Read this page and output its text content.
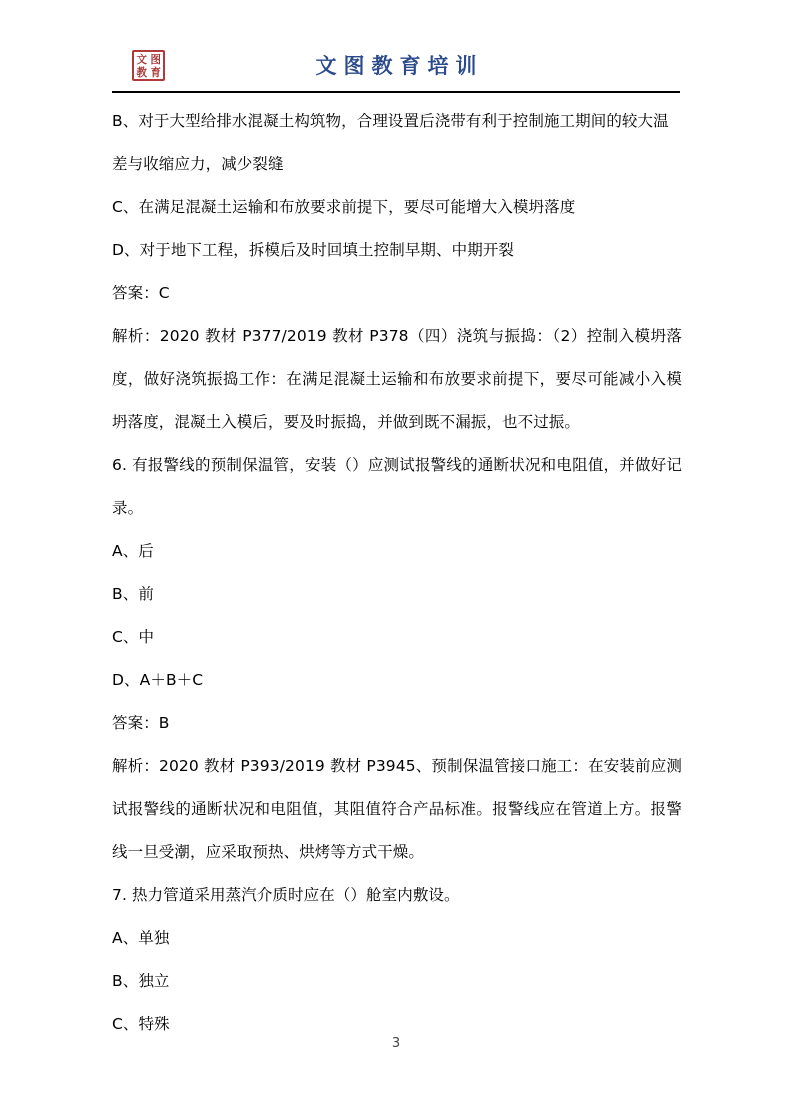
文 图
教 育	文图教育培训

B、对于大型给排水混凝土构筑物，合理设置后浇带有利于控制施工期间的较大温差与收缩应力，减少裂缝

C、在满足混凝土运输和布放要求前提下，要尽可能增大入模坍落度

D、对于地下工程，拆模后及时回填土控制早期、中期开裂

答案：C

解析：2020 教材 P377/2019 教材 P378（四）浇筑与振捣：（2）控制入模坍落度，做好浇筑振捣工作：在满足混凝土运输和布放要求前提下，要尽可能减小入模坍落度，混凝土入模后，要及时振捣，并做到既不漏振，也不过振。

6. 有报警线的预制保温管，安装（）应测试报警线的通断状况和电阻值，并做好记录。

A、后

B、前

C、中

D、A＋B＋C

答案：B

解析：2020 教材 P393/2019 教材 P3945、预制保温管接口施工：在安装前应测试报警线的通断状况和电阻值，其阻值符合产品标准。报警线应在管道上方。报警线一旦受潮，应采取预热、烘烤等方式干燥。

7. 热力管道采用蒸汽介质时应在（）舱室内敷设。

A、单独

B、独立

C、特殊

3
